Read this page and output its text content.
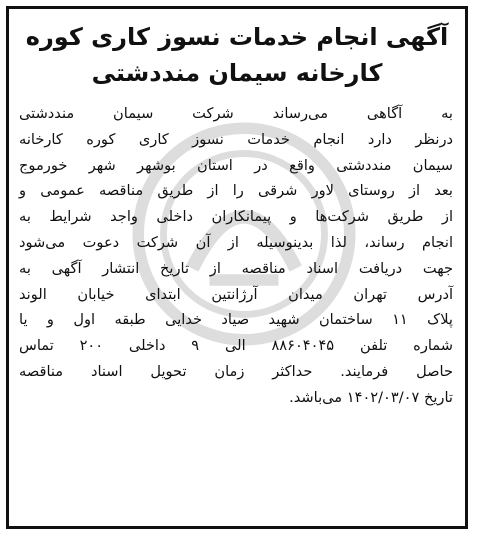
آگهی انجام خدمات نسوز کاری کوره
کارخانه سیمان منددشتی
به آگاهی می‌رساند شرکت سیمان منددشتی
درنظر دارد انجام خدمات نسوز کاری کوره کارخانه
سیمان منددشتی واقع در استان بوشهر شهر خورموج
بعد از روستای لاور شرقی را از طریق مناقصه عمومی و
از طریق شرکت‌ها و پیمانکاران داخلی واجد شرایط به
انجام رساند، لذا بدینوسیله از آن شرکت دعوت می‌شود
جهت دریافت اسناد مناقصه از تاریخ انتشار آگهی به
آدرس تهران میدان آرژانتین ابتدای خیابان الوند
پلاک ۱۱ ساختمان شهید صیاد خدایی طبقه اول و یا
شماره تلفن ۸۸۶۰۴۰۴۵ الی ۹ داخلی ۲۰۰ تماس
حاصل فرمایند. حداکثر زمان تحویل اسناد مناقصه
تاریخ ۱۴۰۲/۰۳/۰۷ می‌باشد.
